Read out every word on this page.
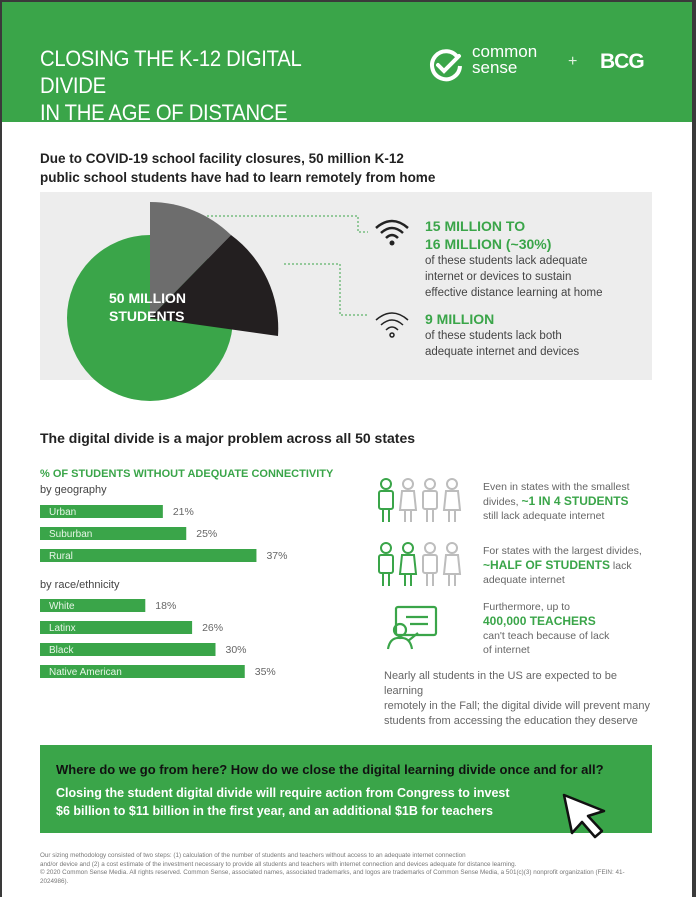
CLOSING THE K-12 DIGITAL DIVIDE
IN THE AGE OF DISTANCE LEARNING
common
sense	+ BCG
Due to COVID-19 school facility closures, 50 million K-12
public school students have had to learn remotely from home
50 MILLION
STUDENTS
15 MILLION TO
16 MILLION (~30%)
of these students lack adequate
internet or devices to sustain
effective distance learning at home
9 MILLION
of these students lack both
adequate internet and devices
The digital divide is a major problem across all 50 states
% OF STUDENTS WITHOUT ADEQUATE CONNECTIVITY
by geography
by race/ethnicity
Urban	21%
Suburban	25%
Rural	37%
White	18%
Latinx	26%
Black	30%
Native American	35%
Even in states with the smallest
divides, ~1 IN 4 STUDENTS
still lack adequate internet
For states with the largest divides,
~HALF OF STUDENTS lack
adequate internet
Furthermore, up to
400,000 TEACHERS
can't teach because of lack
of internet
Nearly all students in the US are expected to be learning
remotely in the Fall; the digital divide will prevent many
students from accessing the education they deserve
Where do we go from here? How do we close the digital learning divide once and for all?
Closing the student digital divide will require action from Congress to invest
$6 billion to $11 billion in the first year, and an additional $1B for teachers
Our sizing methodology consisted of two steps: (1) calculation of the number of students and teachers without access to an adequate internet connection
and/or device and (2) a cost estimate of the investment necessary to provide all students and teachers with internet connection and devices adequate for distance learning.
© 2020 Common Sense Media. All rights reserved. Common Sense, associated names, associated trademarks, and logos are trademarks of Common Sense Media, a 501(c)(3) nonprofit organization (FEIN: 41-2024986).
